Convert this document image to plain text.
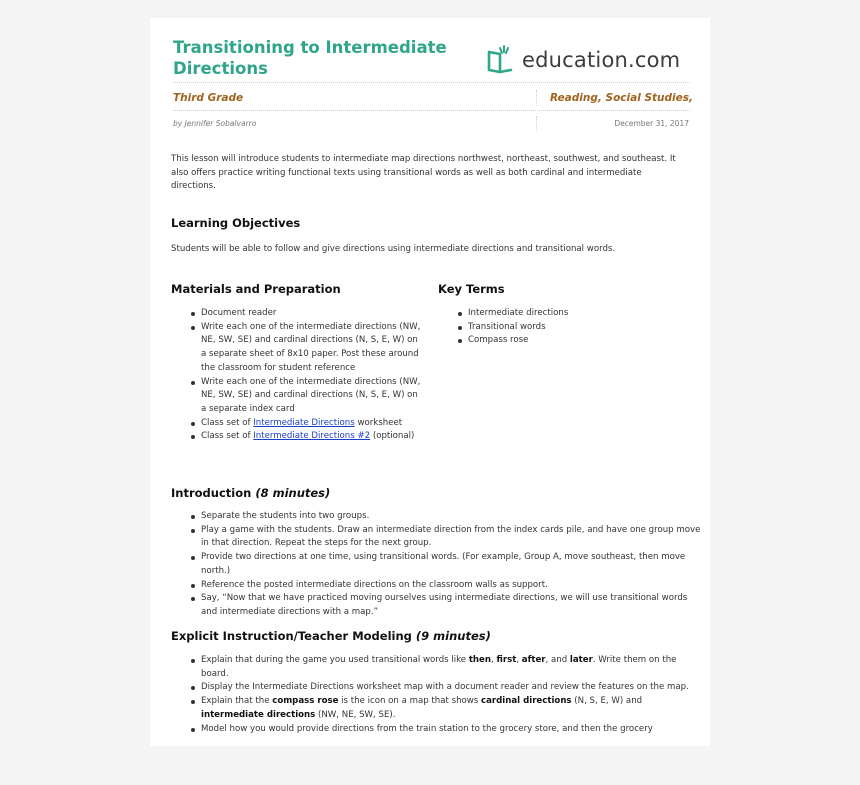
Transitioning to Intermediate Directions	education.com
Third Grade	Reading, Social Studies,
by Jennifer Sobalvarro	December 31, 2017
This lesson will introduce students to intermediate map directions northwest, northeast, southwest, and southeast. It also offers practice writing functional texts using transitional words as well as both cardinal and intermediate directions.
Learning Objectives
Students will be able to follow and give directions using intermediate directions and transitional words.
Materials and Preparation
Document reader
Write each one of the intermediate directions (NW, NE, SW, SE) and cardinal directions (N, S, E, W) on a separate sheet of 8x10 paper. Post these around the classroom for student reference
Write each one of the intermediate directions (NW, NE, SW, SE) and cardinal directions (N, S, E, W) on a separate index card
Class set of Intermediate Directions worksheet
Class set of Intermediate Directions #2 (optional)
Key Terms
Intermediate directions
Transitional words
Compass rose
Introduction (8 minutes)
Separate the students into two groups.
Play a game with the students. Draw an intermediate direction from the index cards pile, and have one group move in that direction. Repeat the steps for the next group.
Provide two directions at one time, using transitional words. (For example, Group A, move southeast, then move north.)
Reference the posted intermediate directions on the classroom walls as support.
Say, “Now that we have practiced moving ourselves using intermediate directions, we will use transitional words and intermediate directions with a map.”
Explicit Instruction/Teacher Modeling (9 minutes)
Explain that during the game you used transitional words like then, first, after, and later. Write them on the board.
Display the Intermediate Directions worksheet map with a document reader and review the features on the map.
Explain that the compass rose is the icon on a map that shows cardinal directions (N, S, E, W) and intermediate directions (NW, NE, SW, SE).
Model how you would provide directions from the train station to the grocery store, and then the grocery
